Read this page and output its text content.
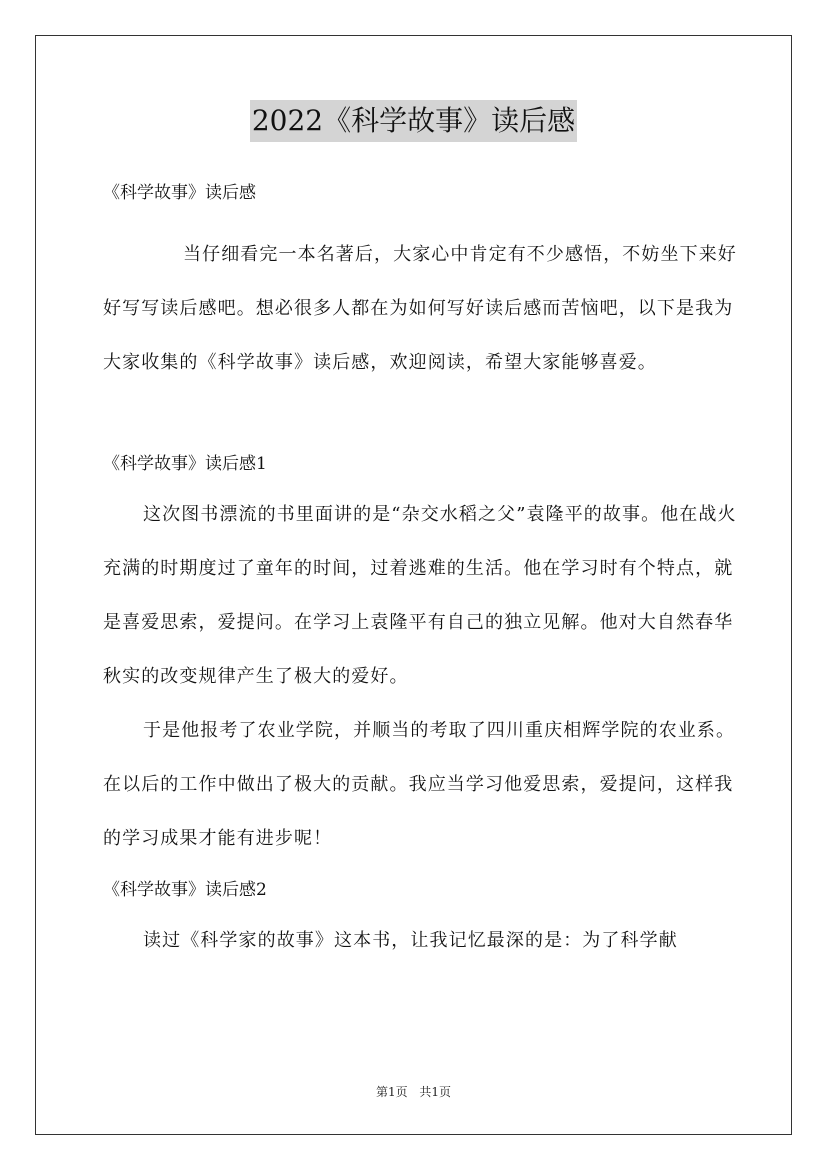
2022《科学故事》读后感

《科学故事》读后感

当仔细看完一本名著后，大家心中肯定有不少感悟，不妨坐下来好好写写读后感吧。想必很多人都在为如何写好读后感而苦恼吧，以下是我为大家收集的《科学故事》读后感，欢迎阅读，希望大家能够喜爱。

《科学故事》读后感1

这次图书漂流的书里面讲的是“杂交水稻之父”袁隆平的故事。他在战火充满的时期度过了童年的时间，过着逃难的生活。他在学习时有个特点，就是喜爱思索，爱提问。在学习上袁隆平有自己的独立见解。他对大自然春华秋实的改变规律产生了极大的爱好。

于是他报考了农业学院，并顺当的考取了四川重庆相辉学院的农业系。在以后的工作中做出了极大的贡献。我应当学习他爱思索，爱提问，这样我的学习成果才能有进步呢！

《科学故事》读后感2

读过《科学家的故事》这本书，让我记忆最深的是：为了科学献

第1页 共1页
